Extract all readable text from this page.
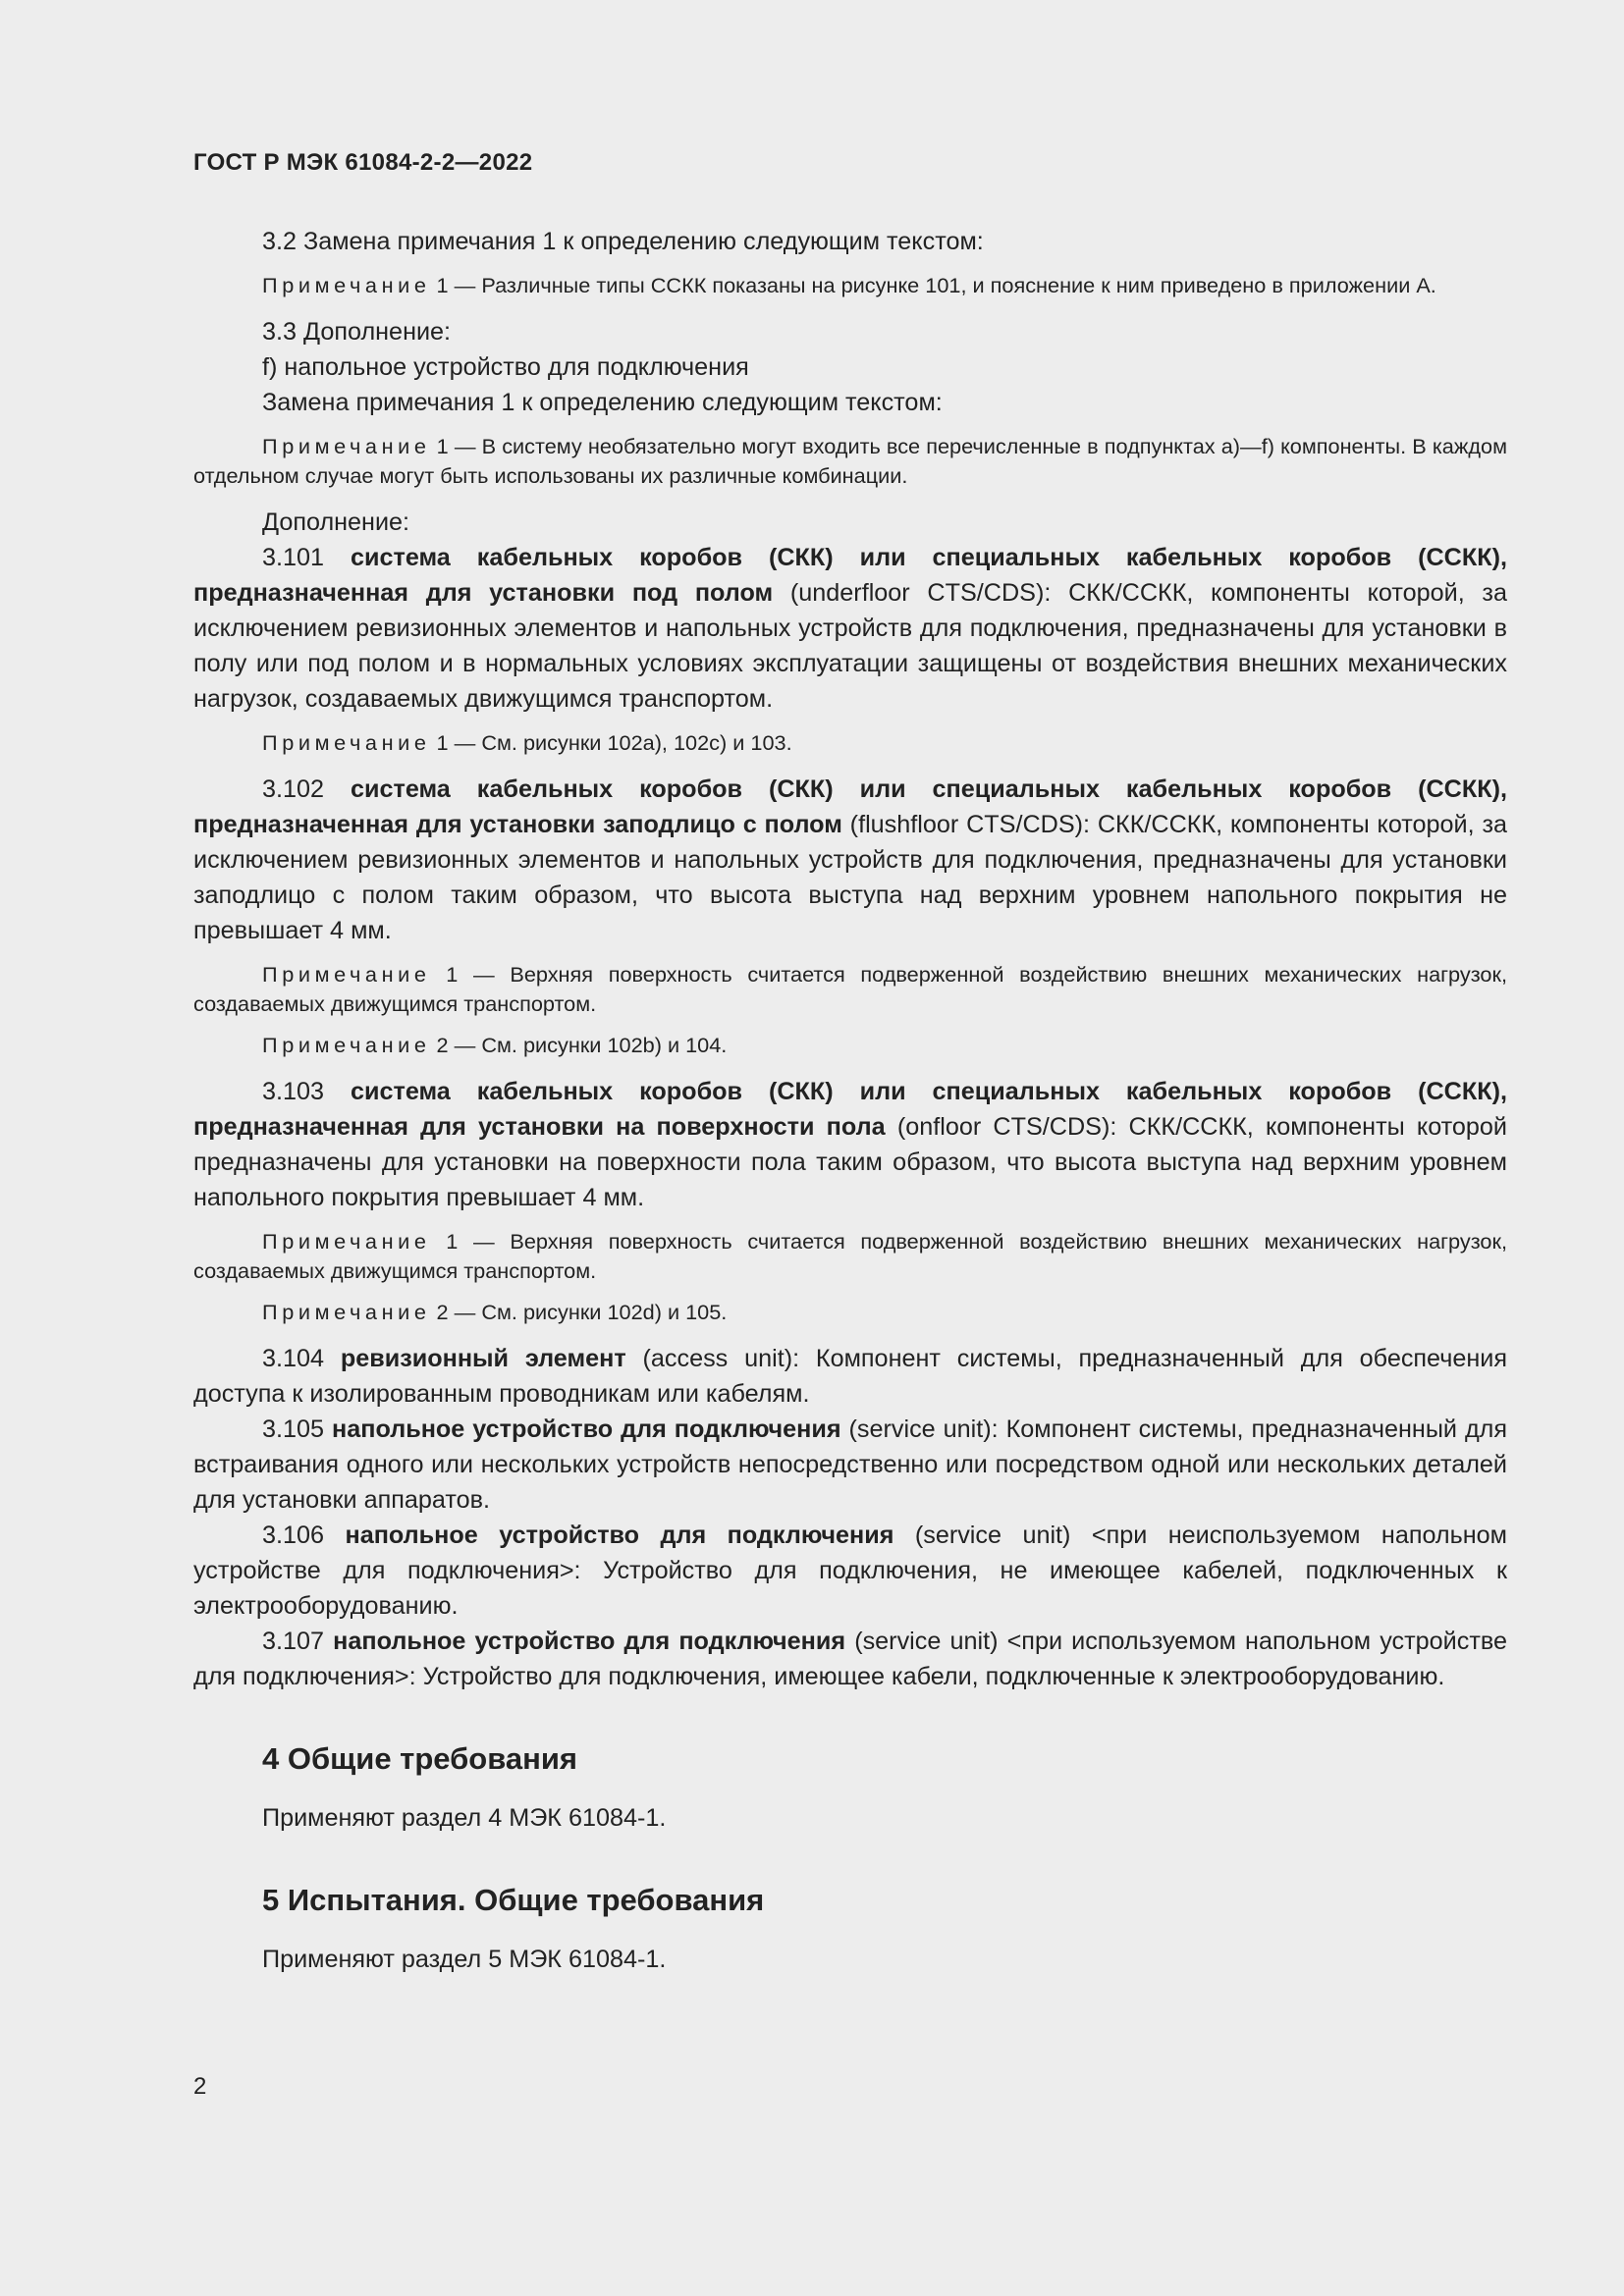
ГОСТ Р МЭК 61084-2-2—2022

3.2 Замена примечания 1 к определению следующим текстом:

Примечание 1 — Различные типы ССКК показаны на рисунке 101, и пояснение к ним приведено в приложении А.

3.3 Дополнение:

f) напольное устройство для подключения

Замена примечания 1 к определению следующим текстом:

Примечание 1 — В систему необязательно могут входить все перечисленные в подпунктах а)—f) компоненты. В каждом отдельном случае могут быть использованы их различные комбинации.

Дополнение:

3.101 система кабельных коробов (СКК) или специальных кабельных коробов (ССКК), предназначенная для установки под полом (underfloor CTS/CDS): СКК/ССКК, компоненты которой, за исключением ревизионных элементов и напольных устройств для подключения, предназначены для установки в полу или под полом и в нормальных условиях эксплуатации защищены от воздействия внешних механических нагрузок, создаваемых движущимся транспортом.

Примечание 1 — См. рисунки 102a), 102c) и 103.

3.102 система кабельных коробов (СКК) или специальных кабельных коробов (ССКК), предназначенная для установки заподлицо с полом (flushfloor CTS/CDS): СКК/ССКК, компоненты которой, за исключением ревизионных элементов и напольных устройств для подключения, предназначены для установки заподлицо с полом таким образом, что высота выступа над верхним уровнем напольного покрытия не превышает 4 мм.

Примечание 1 — Верхняя поверхность считается подверженной воздействию внешних механических нагрузок, создаваемых движущимся транспортом.

Примечание 2 — См. рисунки 102b) и 104.

3.103 система кабельных коробов (СКК) или специальных кабельных коробов (ССКК), предназначенная для установки на поверхности пола (onfloor CTS/CDS): СКК/ССКК, компоненты которой предназначены для установки на поверхности пола таким образом, что высота выступа над верхним уровнем напольного покрытия превышает 4 мм.

Примечание 1 — Верхняя поверхность считается подверженной воздействию внешних механических нагрузок, создаваемых движущимся транспортом.

Примечание 2 — См. рисунки 102d) и 105.

3.104 ревизионный элемент (access unit): Компонент системы, предназначенный для обеспечения доступа к изолированным проводникам или кабелям.

3.105 напольное устройство для подключения (service unit): Компонент системы, предназначенный для встраивания одного или нескольких устройств непосредственно или посредством одной или нескольких деталей для установки аппаратов.

3.106 напольное устройство для подключения (service unit) <при неиспользуемом напольном устройстве для подключения>: Устройство для подключения, не имеющее кабелей, подключенных к электрооборудованию.

3.107 напольное устройство для подключения (service unit) <при используемом напольном устройстве для подключения>: Устройство для подключения, имеющее кабели, подключенные к электрооборудованию.

4 Общие требования

Применяют раздел 4 МЭК 61084-1.

5 Испытания. Общие требования

Применяют раздел 5 МЭК 61084-1.

2
